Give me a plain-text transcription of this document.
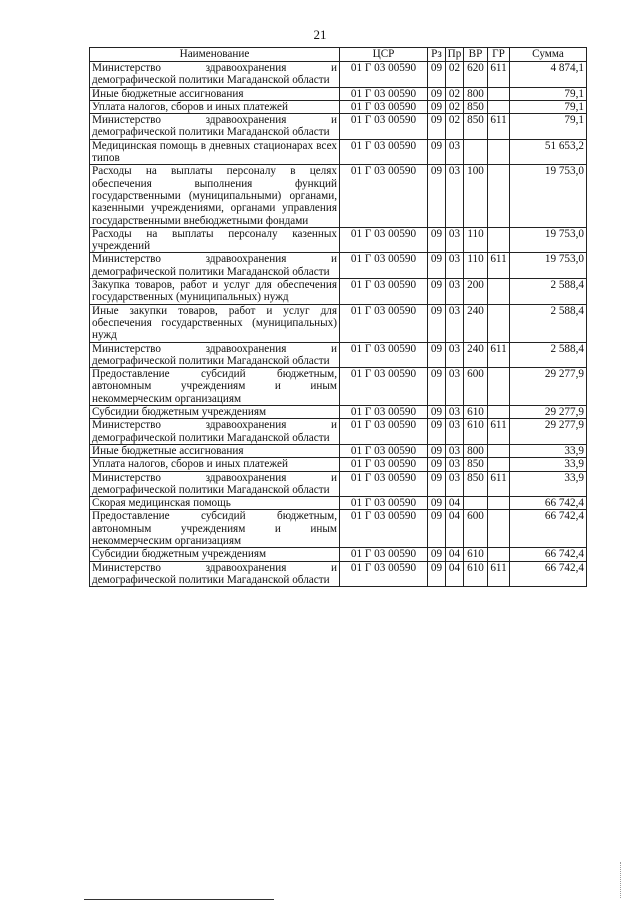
21
Наименование	ЦСР	Рз	Пр	ВР	ГР	Сумма
Министерство здравоохранения и демографической политики Магаданской области	01 Г 03 00590	09	02	620	611	4 874,1
Иные бюджетные ассигнования	01 Г 03 00590	09	02	800		79,1
Уплата налогов, сборов и иных платежей	01 Г 03 00590	09	02	850		79,1
Министерство здравоохранения и демографической политики Магаданской области	01 Г 03 00590	09	02	850	611	79,1
Медицинская помощь в дневных стационарах всех типов	01 Г 03 00590	09	03			51 653,2
Расходы на выплаты персоналу в целях обеспечения выполнения функций государственными (муниципальными) органами, казенными учреждениями, органами управления государственными внебюджетными фондами	01 Г 03 00590	09	03	100		19 753,0
Расходы на выплаты персоналу казенных учреждений	01 Г 03 00590	09	03	110		19 753,0
Министерство здравоохранения и демографической политики Магаданской области	01 Г 03 00590	09	03	110	611	19 753,0
Закупка товаров, работ и услуг для обеспечения государственных (муниципальных) нужд	01 Г 03 00590	09	03	200		2 588,4
Иные закупки товаров, работ и услуг для обеспечения государственных (муниципальных) нужд	01 Г 03 00590	09	03	240		2 588,4
Министерство здравоохранения и демографической политики Магаданской области	01 Г 03 00590	09	03	240	611	2 588,4
Предоставление субсидий бюджетным, автономным учреждениям и иным некоммерческим организациям	01 Г 03 00590	09	03	600		29 277,9
Субсидии бюджетным учреждениям	01 Г 03 00590	09	03	610		29 277,9
Министерство здравоохранения и демографической политики Магаданской области	01 Г 03 00590	09	03	610	611	29 277,9
Иные бюджетные ассигнования	01 Г 03 00590	09	03	800		33,9
Уплата налогов, сборов и иных платежей	01 Г 03 00590	09	03	850		33,9
Министерство здравоохранения и демографической политики Магаданской области	01 Г 03 00590	09	03	850	611	33,9
Скорая медицинская помощь	01 Г 03 00590	09	04			66 742,4
Предоставление субсидий бюджетным, автономным учреждениям и иным некоммерческим организациям	01 Г 03 00590	09	04	600		66 742,4
Субсидии бюджетным учреждениям	01 Г 03 00590	09	04	610		66 742,4
Министерство здравоохранения и демографической политики Магаданской области	01 Г 03 00590	09	04	610	611	66 742,4
